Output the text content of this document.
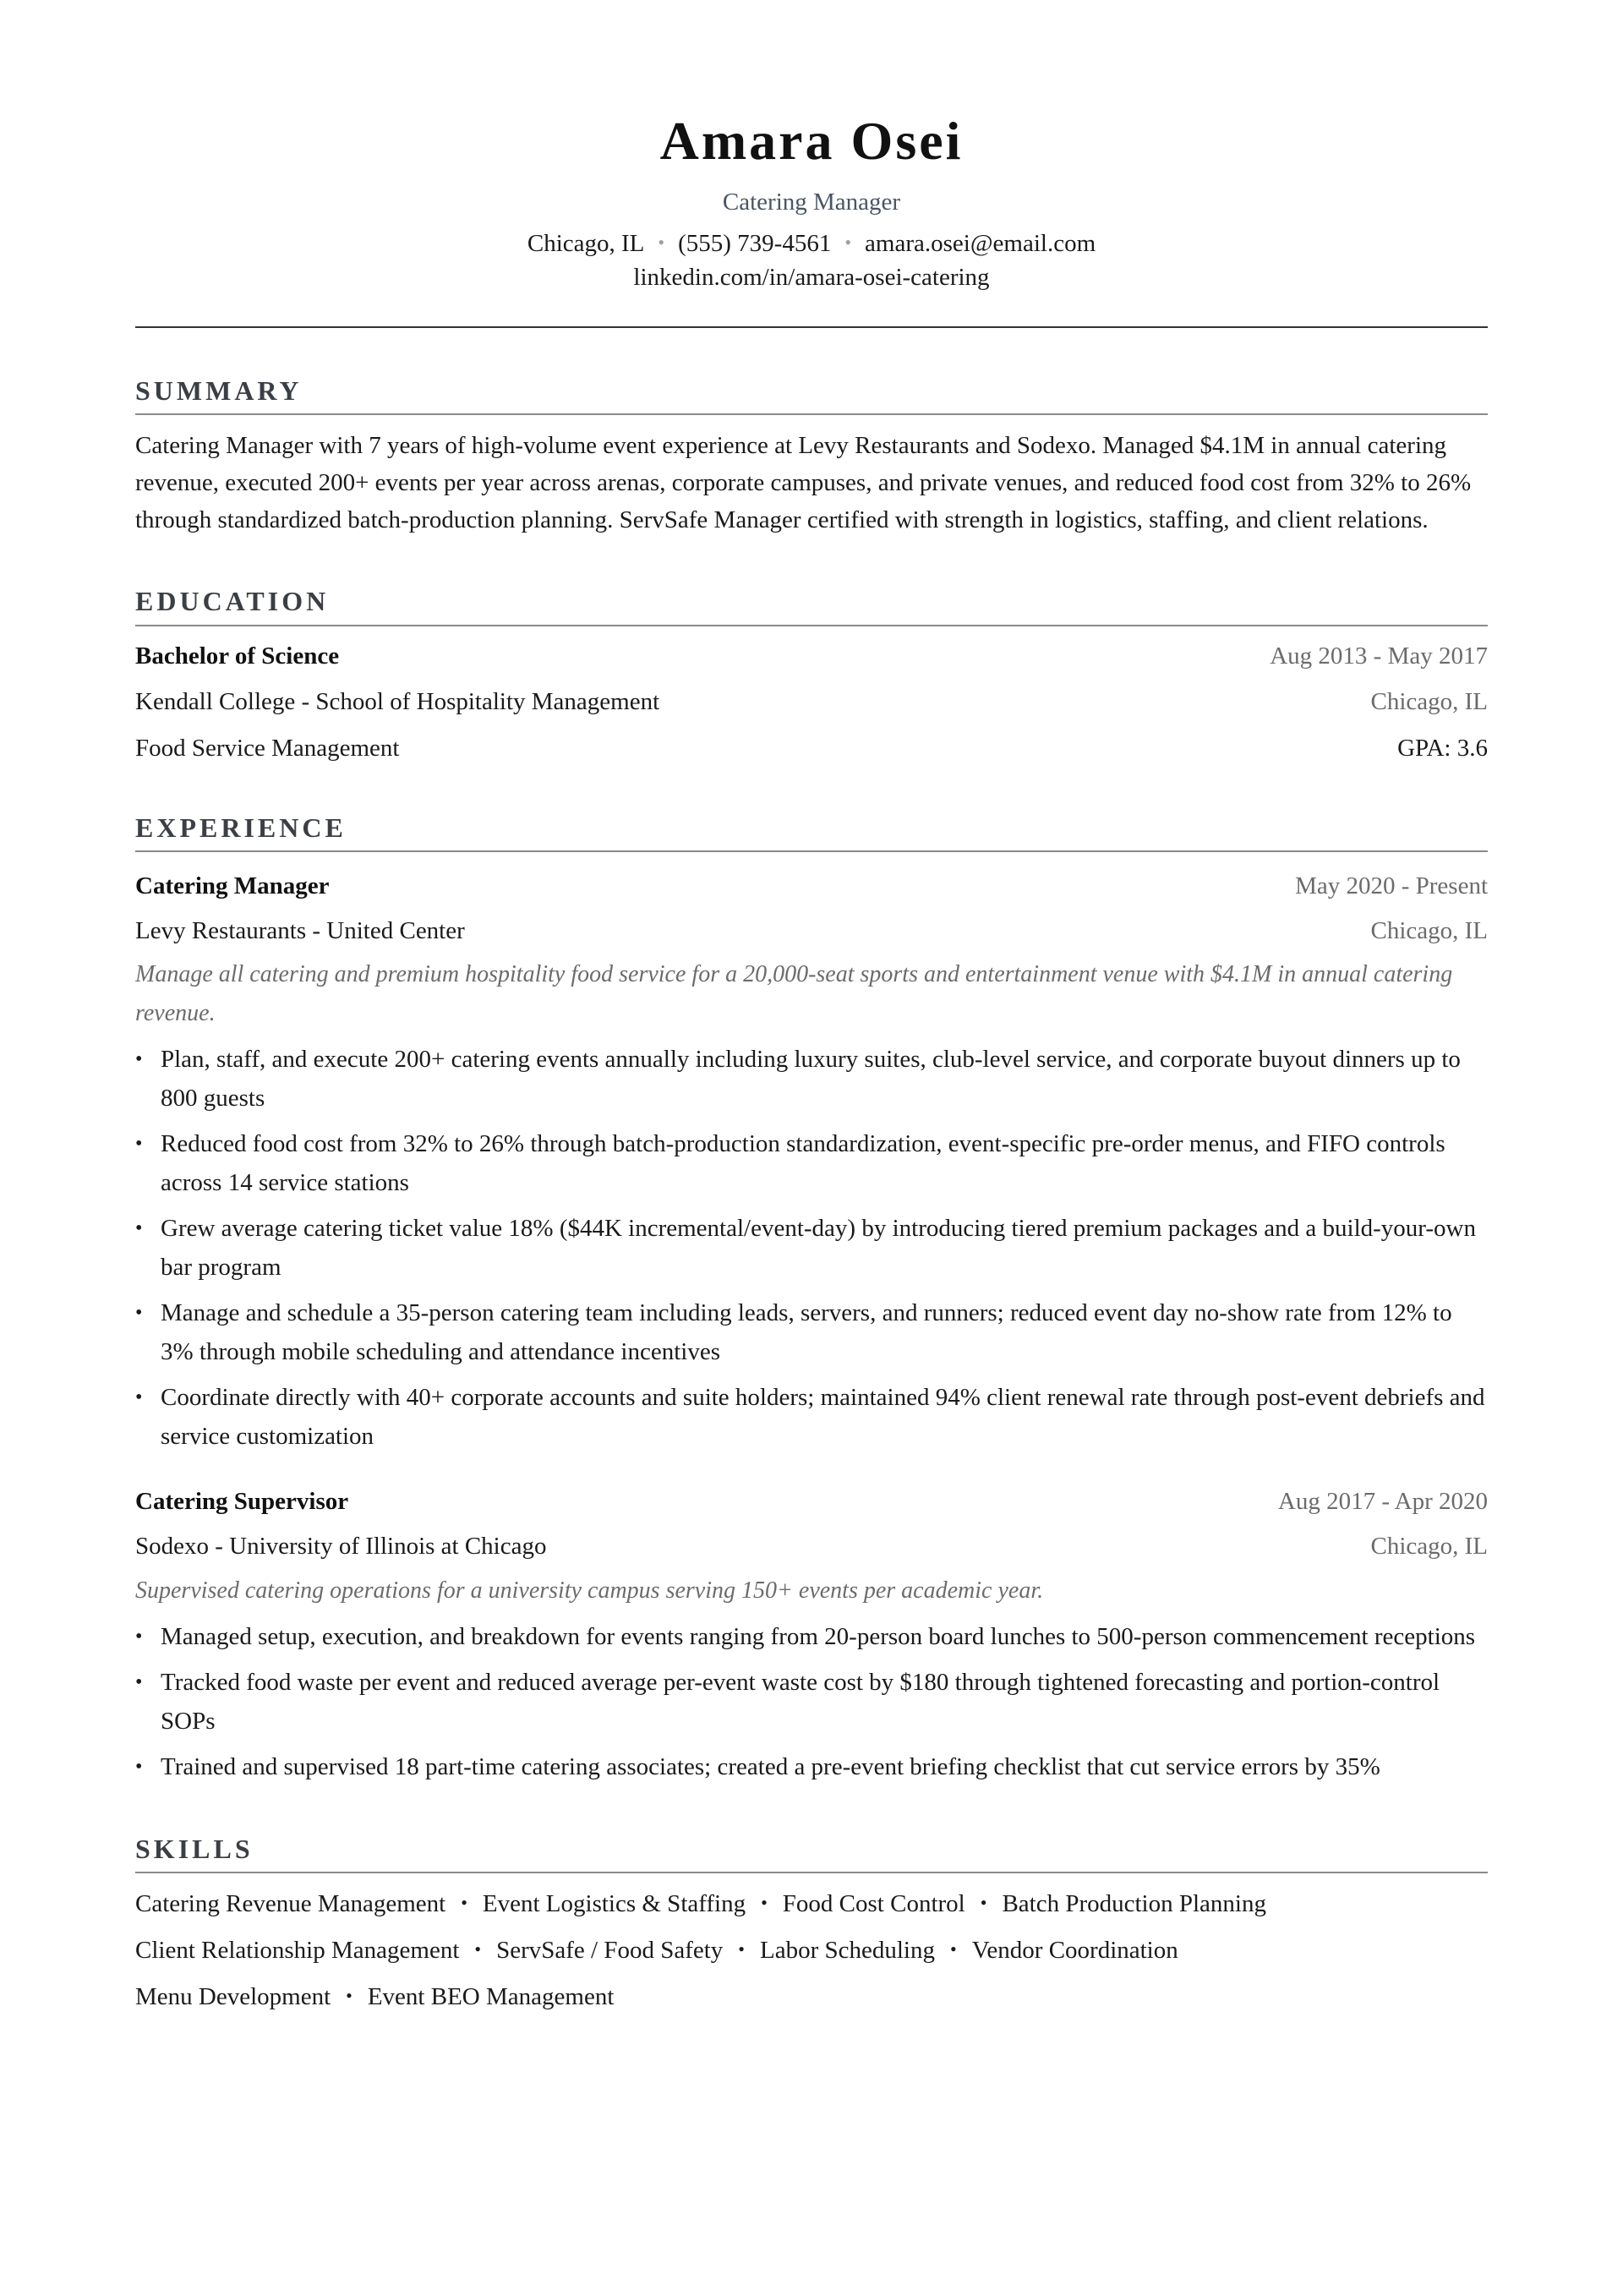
Amara Osei
Catering Manager
Chicago, IL • (555) 739-4561 • amara.osei@email.com
linkedin.com/in/amara-osei-catering
SUMMARY
Catering Manager with 7 years of high-volume event experience at Levy Restaurants and Sodexo. Managed $4.1M in annual catering revenue, executed 200+ events per year across arenas, corporate campuses, and private venues, and reduced food cost from 32% to 26% through standardized batch-production planning. ServSafe Manager certified with strength in logistics, staffing, and client relations.
EDUCATION
Bachelor of Science	Aug 2013 - May 2017
Kendall College - School of Hospitality Management	Chicago, IL
Food Service Management	GPA: 3.6
EXPERIENCE
Catering Manager	May 2020 - Present
Levy Restaurants - United Center	Chicago, IL
Manage all catering and premium hospitality food service for a 20,000-seat sports and entertainment venue with $4.1M in annual catering revenue.
• Plan, staff, and execute 200+ catering events annually including luxury suites, club-level service, and corporate buyout dinners up to 800 guests
• Reduced food cost from 32% to 26% through batch-production standardization, event-specific pre-order menus, and FIFO controls across 14 service stations
• Grew average catering ticket value 18% ($44K incremental/event-day) by introducing tiered premium packages and a build-your-own bar program
• Manage and schedule a 35-person catering team including leads, servers, and runners; reduced event day no-show rate from 12% to 3% through mobile scheduling and attendance incentives
• Coordinate directly with 40+ corporate accounts and suite holders; maintained 94% client renewal rate through post-event debriefs and service customization
Catering Supervisor	Aug 2017 - Apr 2020
Sodexo - University of Illinois at Chicago	Chicago, IL
Supervised catering operations for a university campus serving 150+ events per academic year.
• Managed setup, execution, and breakdown for events ranging from 20-person board lunches to 500-person commencement receptions
• Tracked food waste per event and reduced average per-event waste cost by $180 through tightened forecasting and portion-control SOPs
• Trained and supervised 18 part-time catering associates; created a pre-event briefing checklist that cut service errors by 35%
SKILLS
Catering Revenue Management • Event Logistics & Staffing • Food Cost Control • Batch Production Planning
Client Relationship Management • ServSafe / Food Safety • Labor Scheduling • Vendor Coordination
Menu Development • Event BEO Management
